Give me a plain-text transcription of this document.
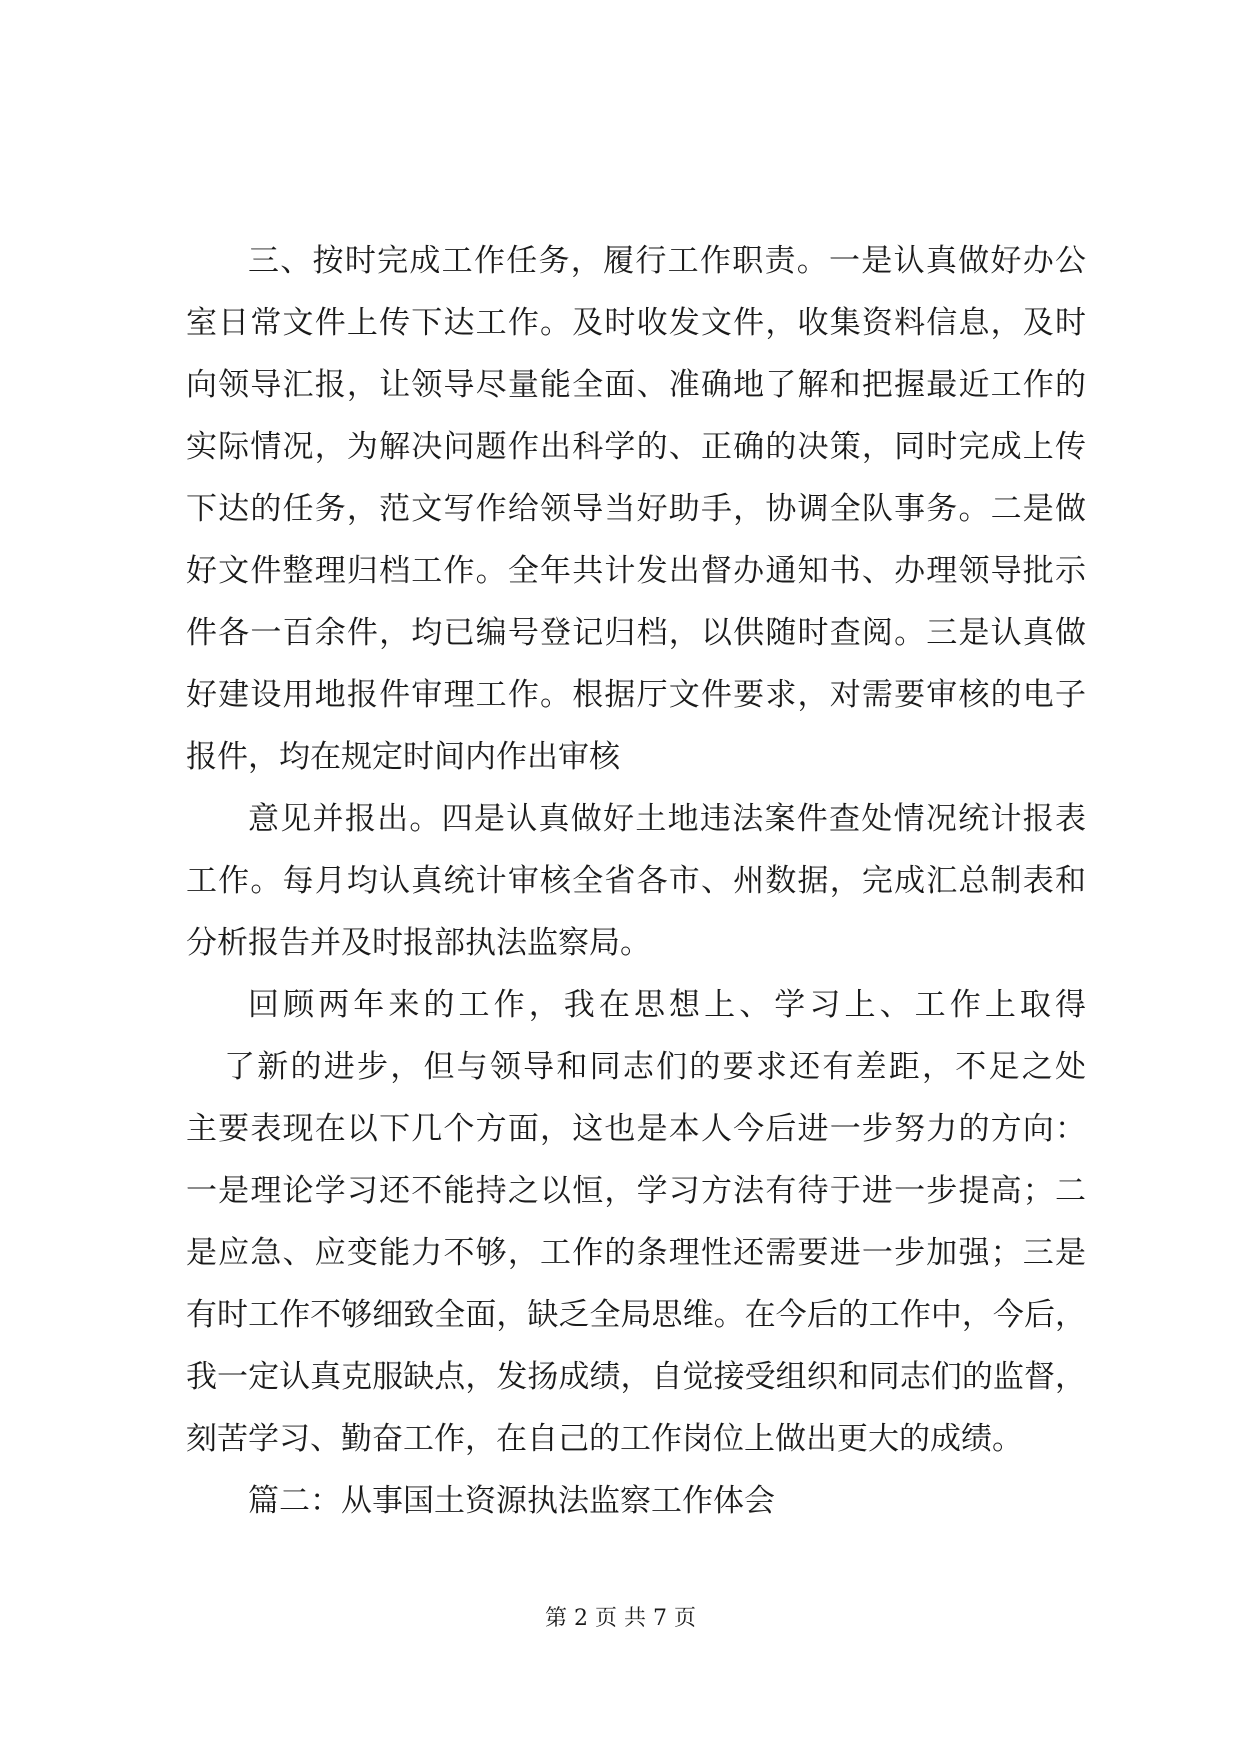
三、按时完成工作任务，履行工作职责。一是认真做好办公
室日常文件上传下达工作。及时收发文件，收集资料信息，及时
向领导汇报，让领导尽量能全面、准确地了解和把握最近工作的
实际情况，为解决问题作出科学的、正确的决策，同时完成上传
下达的任务，范文写作给领导当好助手，协调全队事务。二是做
好文件整理归档工作。全年共计发出督办通知书、办理领导批示
件各一百余件，均已编号登记归档，以供随时查阅。三是认真做
好建设用地报件审理工作。根据厅文件要求，对需要审核的电子
报件，均在规定时间内作出审核
意见并报出。四是认真做好土地违法案件查处情况统计报表
工作。每月均认真统计审核全省各市、州数据，完成汇总制表和
分析报告并及时报部执法监察局。
回顾两年来的工作，我在思想上、学习上、工作上取得
了新的进步，但与领导和同志们的要求还有差距，不足之处
主要表现在以下几个方面，这也是本人今后进一步努力的方向：
一是理论学习还不能持之以恒，学习方法有待于进一步提高；二
是应急、应变能力不够，工作的条理性还需要进一步加强；三是
有时工作不够细致全面，缺乏全局思维。在今后的工作中，今后，
我一定认真克服缺点，发扬成绩，自觉接受组织和同志们的监督，
刻苦学习、勤奋工作，在自己的工作岗位上做出更大的成绩。
篇二：从事国土资源执法监察工作体会
第 2 页 共 7 页
